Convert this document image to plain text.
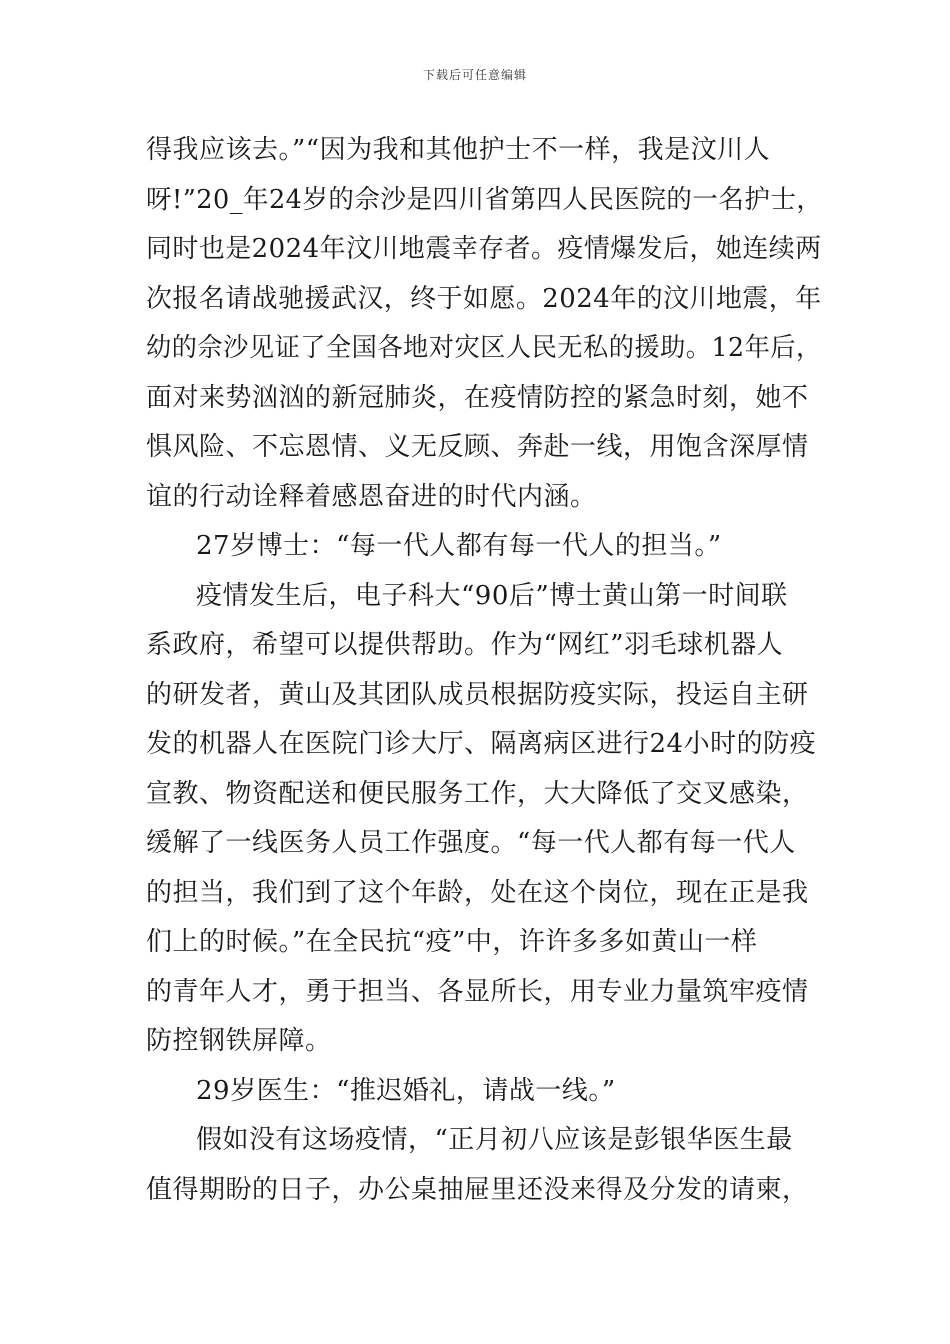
下载后可任意编辑
得我应该去。”“因为我和其他护士不一样，我是汶川人
呀!”20_年24岁的佘沙是四川省第四人民医院的一名护士，
同时也是2024年汶川地震幸存者。疫情爆发后，她连续两
次报名请战驰援武汉，终于如愿。2024年的汶川地震，年
幼的佘沙见证了全国各地对灾区人民无私的援助。12年后，
面对来势汹汹的新冠肺炎，在疫情防控的紧急时刻，她不
惧风险、不忘恩情、义无反顾、奔赴一线，用饱含深厚情
谊的行动诠释着感恩奋进的时代内涵。
27岁博士：“每一代人都有每一代人的担当。”
疫情发生后，电子科大“90后”博士黄山第一时间联
系政府，希望可以提供帮助。作为“网红”羽毛球机器人
的研发者，黄山及其团队成员根据防疫实际，投运自主研
发的机器人在医院门诊大厅、隔离病区进行24小时的防疫
宣教、物资配送和便民服务工作，大大降低了交叉感染，
缓解了一线医务人员工作强度。“每一代人都有每一代人
的担当，我们到了这个年龄，处在这个岗位，现在正是我
们上的时候。”在全民抗“疫”中，许许多多如黄山一样
的青年人才，勇于担当、各显所长，用专业力量筑牢疫情
防控钢铁屏障。
29岁医生：“推迟婚礼，请战一线。”
假如没有这场疫情，“正月初八应该是彭银华医生最
值得期盼的日子，办公桌抽屉里还没来得及分发的请柬，
